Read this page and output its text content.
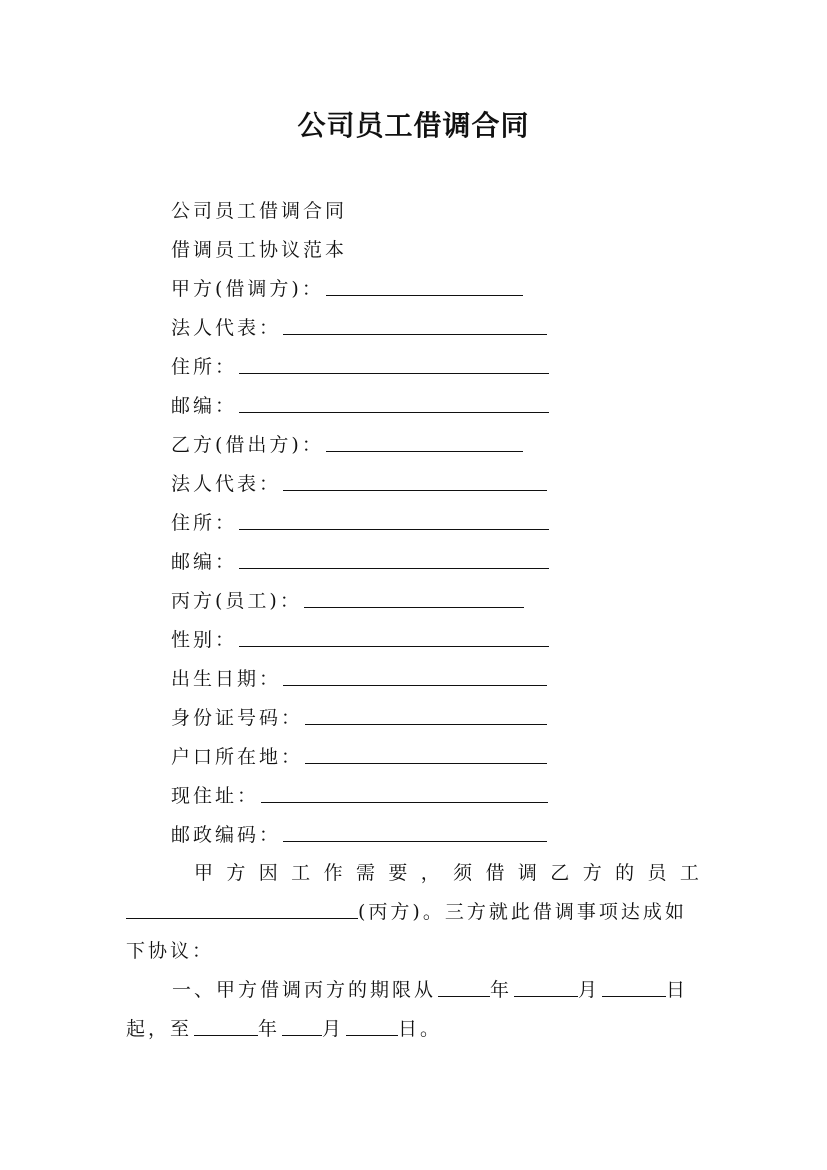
公司员工借调合同
公司员工借调合同
借调员工协议范本
甲方(借调方)：
法人代表：
住所：
邮编：
乙方(借出方)：
法人代表：
住所：
邮编：
丙方(员工)：
性别：
出生日期：
身份证号码：
户口所在地：
现住址：
邮政编码：
甲 方 因 工 作 需 要 ， 须 借 调 乙 方 的 员 工
(丙方)。三方就此借调事项达成如
下协议：
一、甲方借调丙方的期限从	年	月	日
起，至	年 月	日。
